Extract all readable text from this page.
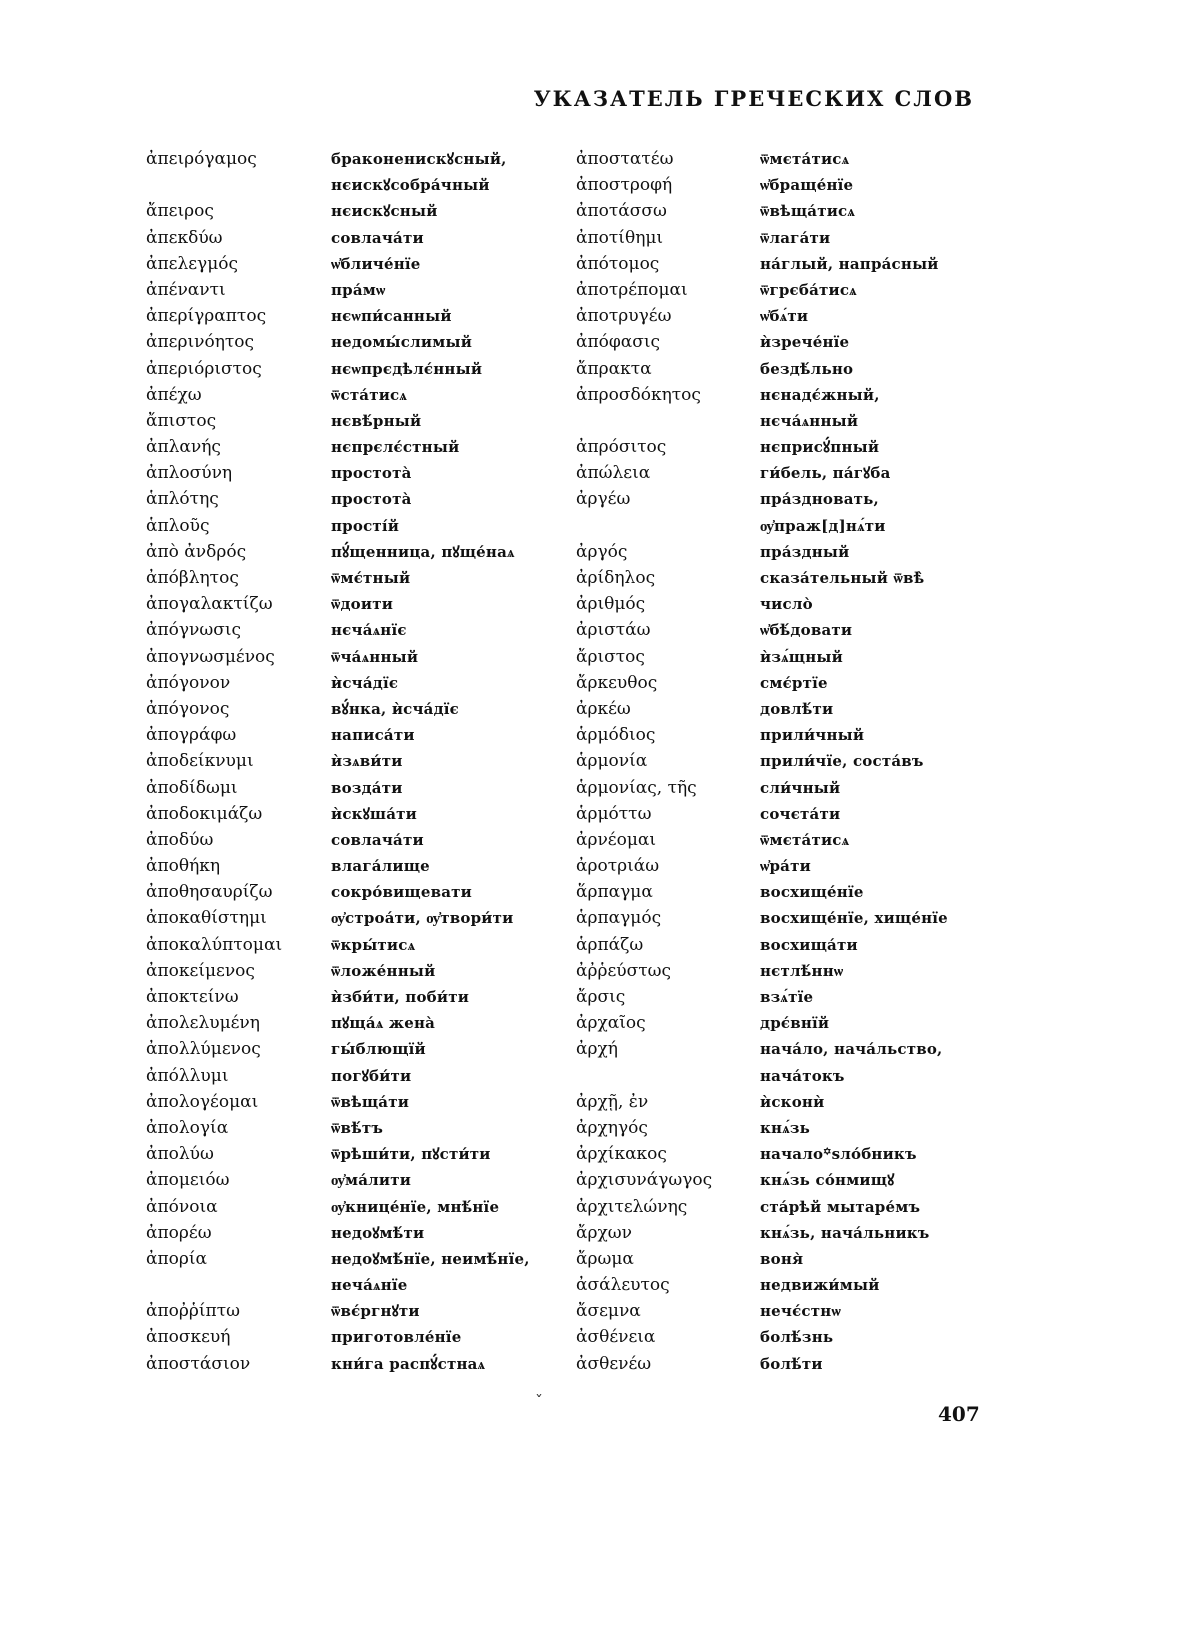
УКАЗАТЕЛЬ ГРЕЧЕСКИХ СЛОВ
ἀπειρόγαμος
ἄπειρος
ἀπεκδύω
ἀπελεγμός
ἀπέναντι
ἀπερίγραπτος
ἀπερινόητος
ἀπεριόριστος
ἀπέχω
ἄπιστος
ἀπλανής
ἀπλοσύνη
ἁπλότης
ἁπλοῦς
ἀπὸ ἀνδρός
ἀπόβλητος
ἀπογαλακτίζω
ἀπόγνωσις
ἀπογνωσμένος
ἀπόγονον
ἀπόγονος
ἀπογράφω
ἀποδείκνυμι
ἀποδίδωμι
ἀποδοκιμάζω
ἀποδύω
ἀποθήκη
ἀποθησαυρίζω
ἀποκαθίστημι
ἀποκαλύπτομαι
ἀποκείμενος
ἀποκτείνω
ἀπολελυμένη
ἀπολλύμενος
ἀπόλλυμι
ἀπολογέομαι
ἀπολογία
ἀπολύω
ἀπομειόω
ἀπόνοια
ἀπορέω
ἀπορία
ἀποῤῥίπτω
ἀποσκευή
ἀποστάσιον
браконенискꙋсный,
нєискꙋсобра́чный
нєискꙋсный
совлача́ти
ѡ҆бличе́нїе
пра́мѡ
нєѡпи́санный
недомы́слимый
нєѡпрєдѣлє́нный
ѿста́тисѧ
нєвѣ́рный
нєпрєлє́стный
простота̀
простота̀
прості́й
пꙋ́щенница, пꙋще́наѧ
ѿмє́тный
ѿдоити
нєча́ѧнїє
ѿча́ѧнный
ѝсча́дїє
вꙋ́нка, ѝсча́дїє
написа́ти
ѝзѧви́ти
возда́ти
ѝскꙋша́ти
совлача́ти
влага́лище
сокро́вищевати
ѹ҆строа́ти, ѹ҆твори́ти
ѿкры́тисѧ
ѿложе́нный
ѝзби́ти, поби́ти
пꙋща́ѧ жена̀
гы́блющїй
погꙋби́ти
ѿвѣща́ти
ѿвѣ́тъ
ѿрѣши́ти, пꙋсти́ти
ѹ҆ма́лити
ѹ҆книце́нїе, мнѣ́нїе
недоꙋмѣ́ти
недоꙋмѣ́нїе, неимѣ́нїе,
неча́ѧнїе
ѿвє́ргнꙋти
приготовле́нїе
кни́га распꙋ́стнаѧ
ἀποστατέω
ἀποστροφή
ἀποτάσσω
ἀποτίθημι
ἀπότομος
ἀποτρέπομαι
ἀποτρυγέω
ἀπόφασις
ἄπρακτα
ἀπροσδόκητος
ἀπρόσιτος
ἀπώλεια
ἀργέω
ἀργός
ἀρίδηλος
ἀριθμός
ἀριστάω
ἄριστος
ἄρκευθος
ἀρκέω
ἁρμόδιος
ἁρμονία
ἁρμονίας, τῆς
ἁρμόττω
ἀρνέομαι
ἀροτριάω
ἅρπαγμα
ἁρπαγμός
ἁρπάζω
ἀῤῥεύστως
ἄρσις
ἀρχαῖος
ἀρχή
ἀρχῇ, ἐν
ἀρχηγός
ἀρχίκακος
ἀρχισυνάγωγος
ἀρχιτελώνης
ἄρχων
ἄρωμα
ἀσάλευτος
ἄσεμνα
ἀσθένεια
ἀσθενέω
ѿмєта́тисѧ
ѡ҆браще́нїе
ѿвѣща́тисѧ
ѿлага́ти
на́глый, напра́сный
ѿгрєба́тисѧ
ѡ҆бѧ́ти
ѝзрече́нїе
бездѣ́льно
нєнадє́жный,
нєча́ѧнный
нєприсꙋ́пный
ги́бель, па́гꙋба
пра́здновать,
ѹ҆праж[д]нѧ́ти
пра́здный
сказа́тельный ѿвѣ̀
число̀
ѡ҆бѣ́довати
ѝзѧ́щный
смє́ртїе
довлѣ́ти
прили́чный
прили́чїе, соста́въ
сли́чный
сочєта́ти
ѿмєта́тисѧ
ѡ҆ра́ти
восхище́нїе
восхище́нїе, хище́нїе
восхища́ти
нєтлѣ́ннѡ
взѧ́тїе
дрє́внїй
нача́ло, нача́льство,
нача́токъ
ѝсконѝ
кнѧ́зь
начало꙳ѕло́бникъ
кнѧ́зь со́нмищꙋ
ста́рѣй мытаре́мъ
кнѧ́зь, нача́льникъ
воня̀
недвижи́мый
нечє́стнѡ
болѣ́знь
болѣ́ти
ˇ
407
